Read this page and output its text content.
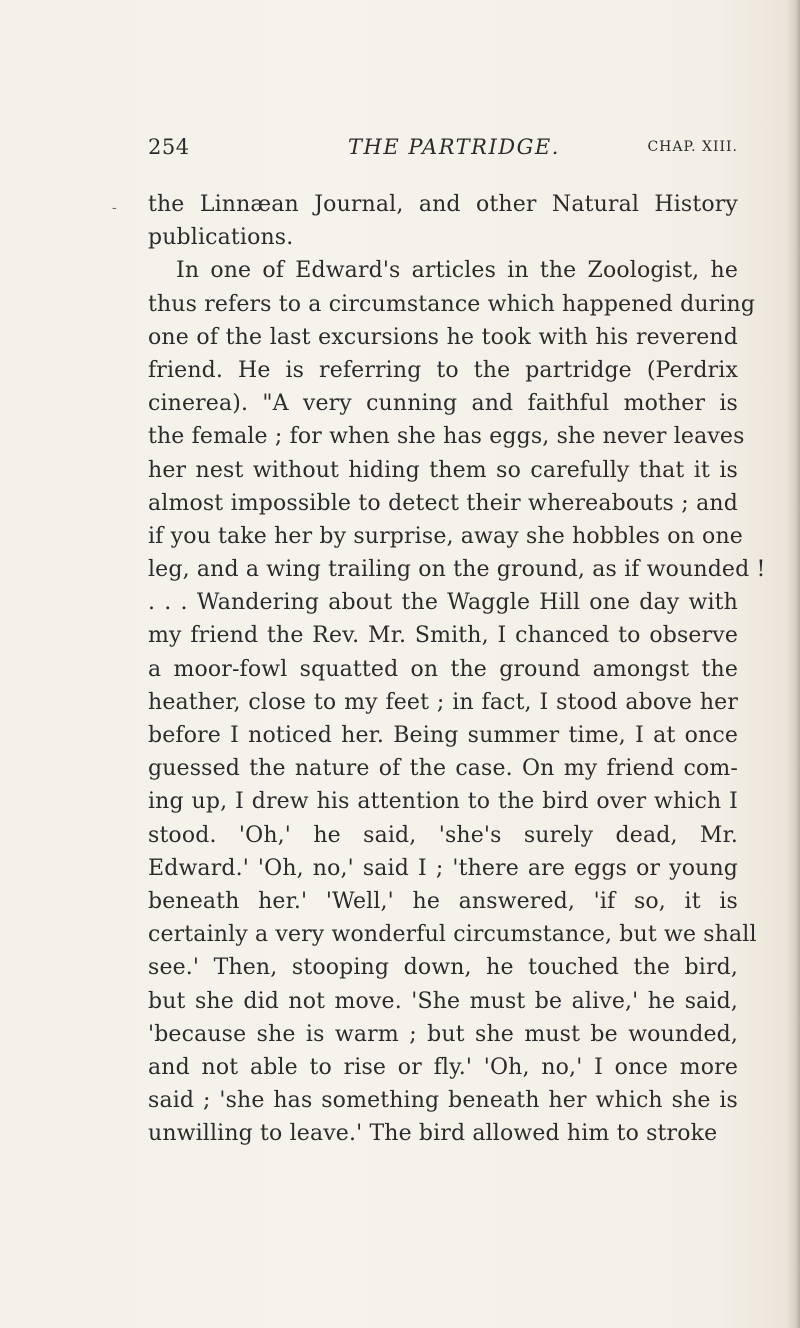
254	THE PARTRIDGE.	CHAP. XIII.
- the Linnæan Journal, and other Natural History
publications.
In one of Edward's articles in the Zoologist, he
thus refers to a circumstance which happened during
one of the last excursions he took with his reverend
friend. He is referring to the partridge (Perdrix
cinerea). "A very cunning and faithful mother is
the female ; for when she has eggs, she never leaves
her nest without hiding them so carefully that it is
almost impossible to detect their whereabouts ; and
if you take her by surprise, away she hobbles on one
leg, and a wing trailing on the ground, as if wounded !
. . . Wandering about the Waggle Hill one day with
my friend the Rev. Mr. Smith, I chanced to observe
a moor-fowl squatted on the ground amongst the
heather, close to my feet ; in fact, I stood above her
before I noticed her. Being summer time, I at once
guessed the nature of the case. On my friend com-
ing up, I drew his attention to the bird over which I
stood. 'Oh,' he said, 'she's surely dead, Mr.
Edward.' 'Oh, no,' said I ; 'there are eggs or young
beneath her.' 'Well,' he answered, 'if so, it is
certainly a very wonderful circumstance, but we shall
see.' Then, stooping down, he touched the bird,
but she did not move. 'She must be alive,' he said,
'because she is warm ; but she must be wounded,
and not able to rise or fly.' 'Oh, no,' I once more
said ; 'she has something beneath her which she is
unwilling to leave.' The bird allowed him to stroke
